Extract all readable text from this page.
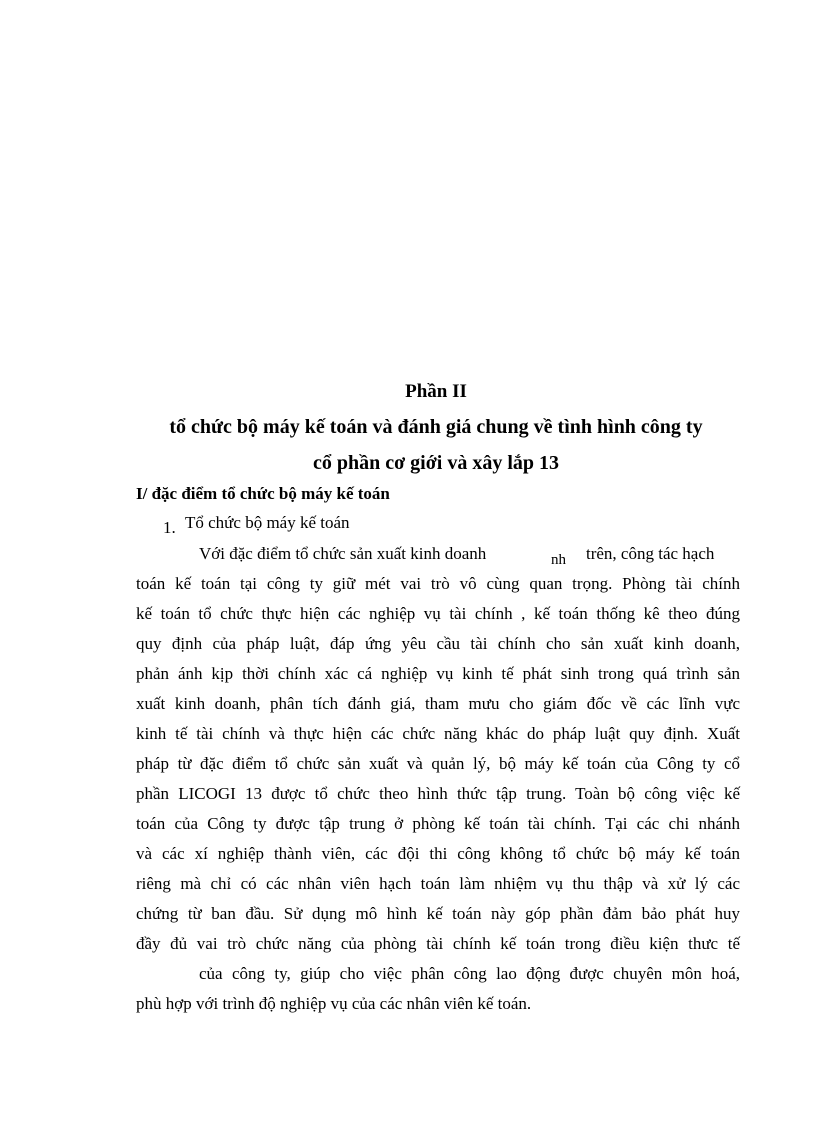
Phần II
tổ chức bộ máy kế toán và đánh giá chung về tình hình công ty
cổ phần cơ giới và xây lắp 13
I/ đặc điểm tổ chức bộ máy kế toán
1. Tổ chức bộ máy kế toán
Với đặc điểm tổ chức sản xuất kinh doanh	nh trên, công tác hạch
toán kế toán tại công ty giữ mét vai trò vô cùng quan trọng. Phòng tài chính
kế toán tổ chức thực hiện các nghiệp vụ tài chính , kế toán thống kê theo đúng
quy định của pháp luật, đáp ứng yêu cầu tài chính cho sản xuất kinh doanh,
phản ánh kịp thời chính xác cá nghiệp vụ kinh tế phát sinh trong quá trình sản
xuất kinh doanh, phân tích đánh giá, tham mưu cho giám đốc về các lĩnh vực
kinh tế tài chính và thực hiện các chức năng khác do pháp luật quy định. Xuất
pháp từ đặc điểm tổ chức sản xuất và quản lý, bộ máy kế toán của Công ty cổ
phần LICOGI 13 được tổ chức theo hình thức tập trung. Toàn bộ công việc kế
toán của Công ty được tập trung ở phòng kế toán tài chính. Tại các chi nhánh
và các xí nghiệp thành viên, các đội thi công không tổ chức bộ máy kế toán
riêng mà chỉ có các nhân viên hạch toán làm nhiệm vụ thu thập và xử lý các
chứng từ ban đầu. Sử dụng mô hình kế toán này góp phần đảm bảo phát huy
đầy đủ vai trò chức năng của phòng tài chính kế toán trong điều kiện thưc tế
của công ty, giúp cho việc phân công lao động được chuyên môn hoá,
phù hợp với trình độ nghiệp vụ của các nhân viên kế toán.
